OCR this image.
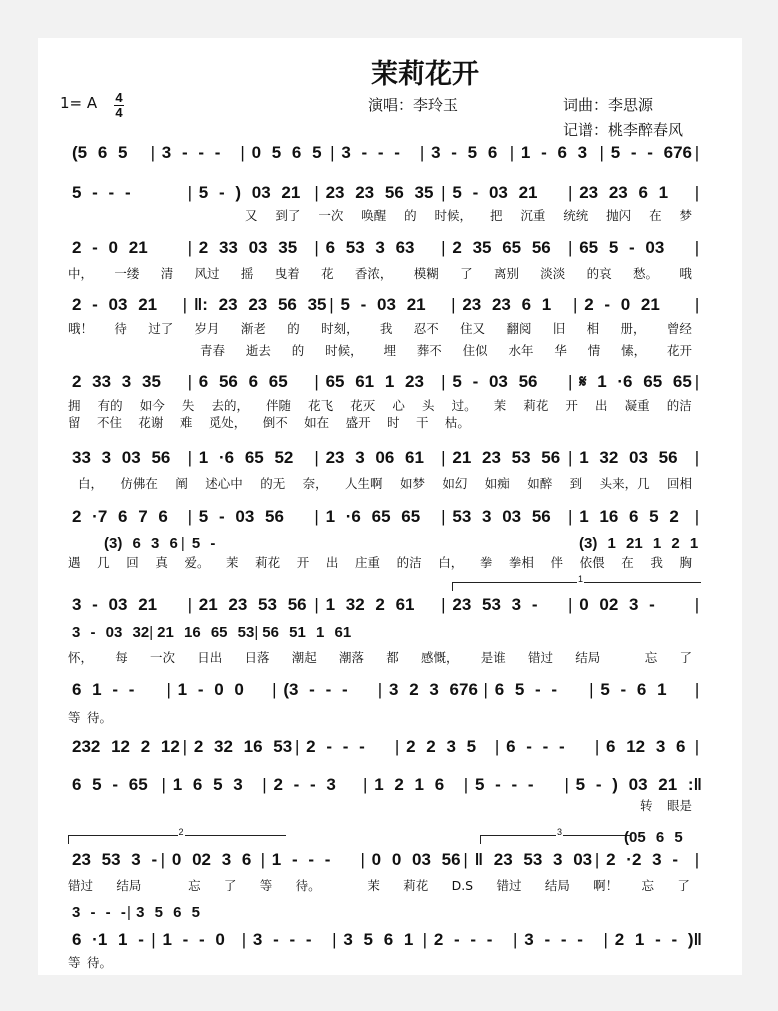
茉莉花开
1= A 4
4	演唱：李玲玉	词曲：李思源
记谱：桃李醉春风
1
2	3
(5 6 5	| 3 - - -	| 0 5 6 5 | 3 - - -	| 3 - 5 6 | 1 - 6 3 | 5 - - 676 |
5 - - -	| 5 - ) 03 21 | 23 23 56 35 | 5 - 03 21	| 23 23 6 1	|
又 到了 一次 唤醒 的 时候， 把 沉重 统统 抛闪 在 梦
2 - 0 21	| 2 33 03 35	| 6 53 3 63	| 2 35 65 56	| 65 5 - 03	|
中， 一缕 清 风过 摇 曳着 花 香浓， 模糊 了 离别 淡淡 的哀 愁。 哦
2 - 03 21	| ‖: 23 23 56 35 | 5 - 03 21	| 23 23 6 1	| 2 - 0 21	|
哦！ 待 过了 岁月 渐老 的 时刻， 我 忍不 住又 翻阅 旧 相 册， 曾经
青春 逝去 的 时候， 埋 葬不 住似 水年 华 情 愫， 花开
2 33 3 35	| 6 56 6 65	| 65 61 1 23	| 5 - 03 56	| 𝄋 1 ·6 65 65 |
拥 有的 如今 失 去的， 伴随 花飞 花灭 心 头 过。 茉 莉花 开 出 凝重 的洁
留 不住 花谢 难 觅处， 倒不 如在 盛开 时 干 枯。
33 3 03 56	| 1 ·6 65 52	| 23 3 06 61	| 21 23 53 56 | 1 32 03 56	|
白， 仿佛在 阐 述心中 的无 奈， 人生啊 如梦 如幻 如痴 如醉 到 头来，几 回相
2 ·7 6 7 6	| 5 - 03 56	| 1 ·6 65 65	| 53 3 03 56	| 1 16 6 5 2 |
(3) 6 3 6 | 5 -	(3) 1 21 1 2 1
遇 几 回 真 爱。 茉 莉花 开 出 庄重 的洁 白， 拳 拳相 伴 依偎 在 我 胸
3 - 03 21	| 21 23 53 56 | 1 32 2 61	| 23 53 3 -	| 0 02 3 -	|
3 - 03 32 | 21 16 65 53 | 56 51 1 61
怀， 每 一次 日出 日落 潮起 潮落 都 感慨， 是谁 错过 结局	忘 了
6 1 - -	| 1 - 0 0	| (3 - - -	| 3 2 3 676 | 6 5 - -	| 5 - 6 1	|
等 待。
232 12 2 12 | 2 32 16 53 | 2 - - -	| 2 2 3 5	| 6 - - -	| 6 12 3 6 |
6 5 - 65 | 1 6 5 3	| 2 - - 3	| 1 2 1 6	| 5 - - -	| 5 - ) 03 21 :‖
转 眼是
23 53 3 - | 0 02 3 6 | 1 - - -	| 0 0 03 56 | ‖ 23 53 3 03 | 2 ·2 3 - |
(05 6 5
错过 结局	忘 了 等 待。	茉 莉花 D.S 错过 结局 啊！ 忘 了
3 - - - | 3 5 6 5
6 ·1 1 - | 1 - - 0 | 3 - - -	| 3 5 6 1 | 2 - - -	| 3 - - -	| 2 1 - - )‖
等 待。
